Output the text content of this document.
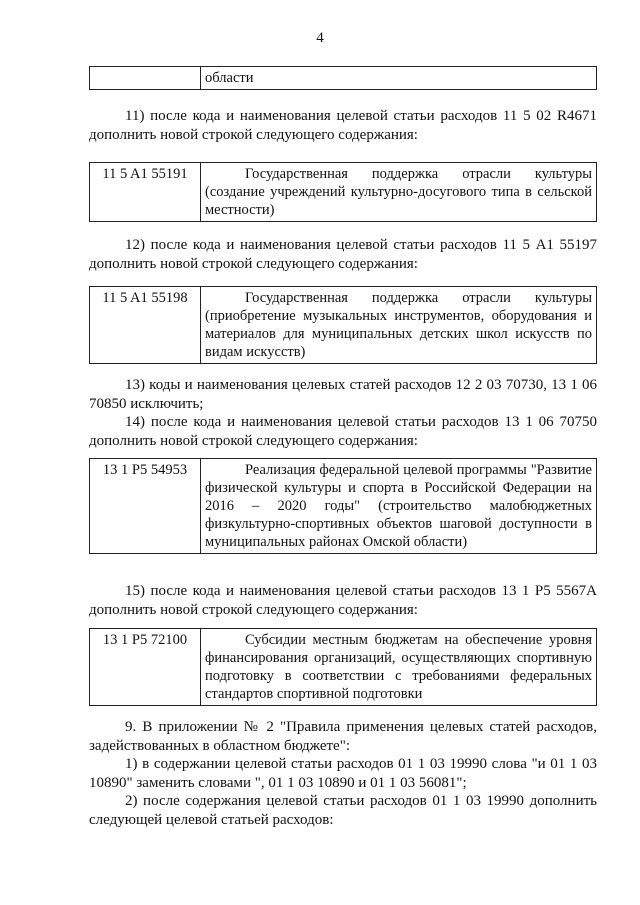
4
	области

11) после кода и наименования целевой статьи расходов 11 5 02 R4671 дополнить новой строкой следующего содержания:

11 5 A1 55191	Государственная поддержка отрасли культуры (создание учреждений культурно-досугового типа в сельской местности)

12) после кода и наименования целевой статьи расходов 11 5 A1 55197 дополнить новой строкой следующего содержания:

11 5 A1 55198	Государственная поддержка отрасли культуры (приобретение музыкальных инструментов, оборудования и материалов для муниципальных детских школ искусств по видам искусств)

13) коды и наименования целевых статей расходов 12 2 03 70730, 13 1 06 70850 исключить;

14) после кода и наименования целевой статьи расходов 13 1 06 70750 дополнить новой строкой следующего содержания:

13 1 P5 54953	Реализация федеральной целевой программы "Развитие физической культуры и спорта в Российской Федерации на 2016 – 2020 годы" (строительство малобюджетных физкультурно-спортивных объектов шаговой доступности в муниципальных районах Омской области)

15) после кода и наименования целевой статьи расходов 13 1 P5 5567A дополнить новой строкой следующего содержания:

13 1 P5 72100	Субсидии местным бюджетам на обеспечение уровня финансирования организаций, осуществляющих спортивную подготовку в соответствии с требованиями федеральных стандартов спортивной подготовки

9. В приложении № 2 "Правила применения целевых статей расходов, задействованных в областном бюджете":

1) в содержании целевой статьи расходов 01 1 03 19990 слова "и 01 1 03 10890" заменить словами ", 01 1 03 10890 и 01 1 03 56081";

2) после содержания целевой статьи расходов 01 1 03 19990 дополнить следующей целевой статьей расходов:
